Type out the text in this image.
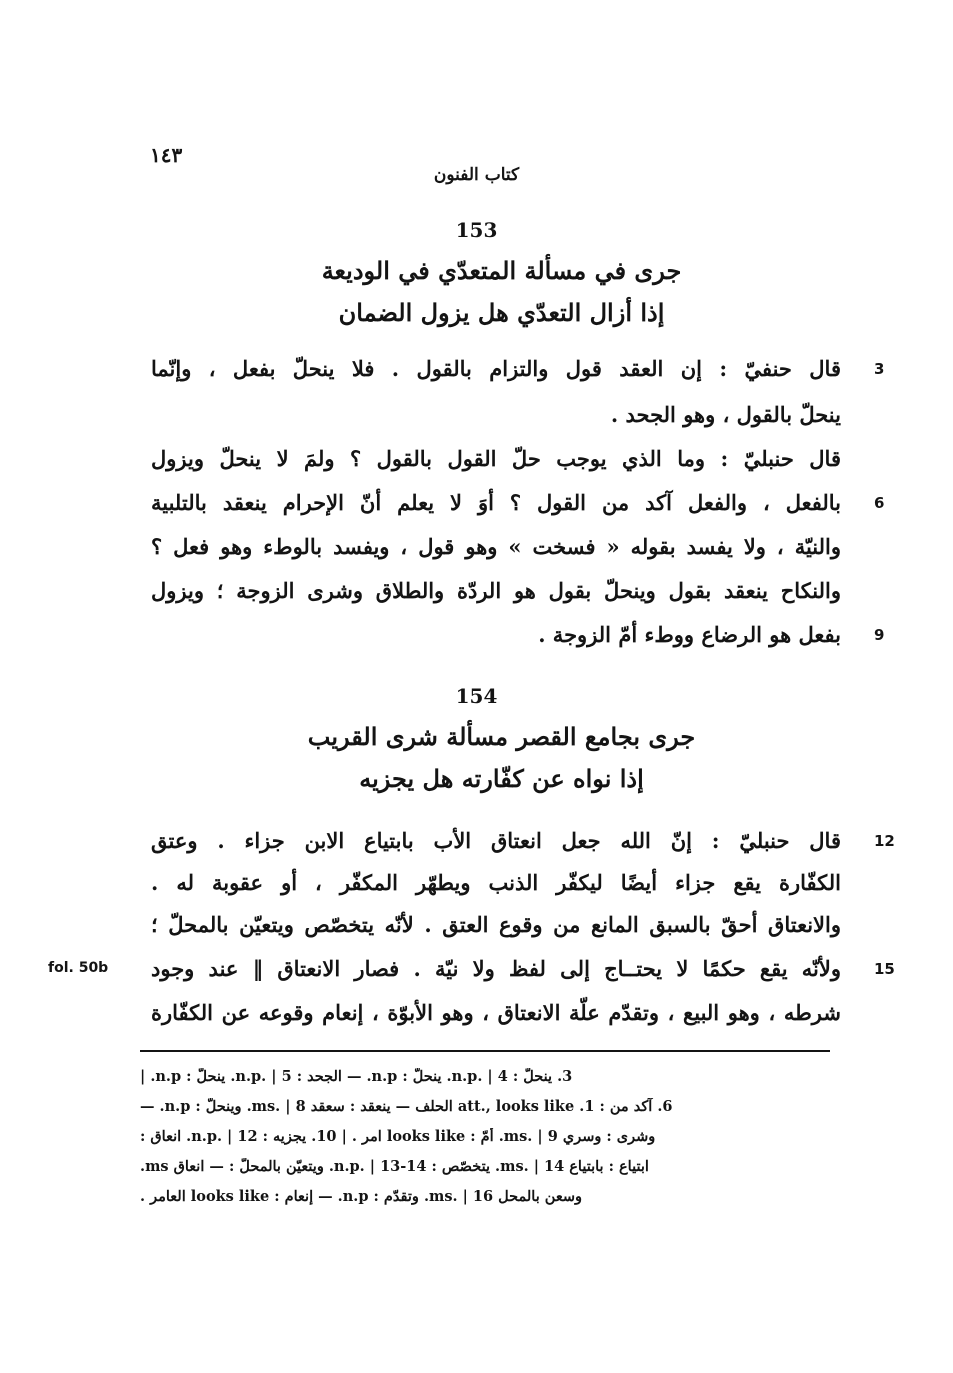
١٤٣
كتاب الفنون
153
جرى في مسألة المتعدّي في الوديعة
إذا أزال التعدّي هل يزول الضمان
قال حنفيّ : إن العقد قول والتزام بالقول . فلا ينحلّ بفعل ، وإنّما 3
ينحلّ بالقول ، وهو الجحد .
قال حنبليّ : وما الذي يوجب حلّ القول بالقول ؟ ولمَ لا ينحلّ ويزول
بالفعل ، والفعل آكد من القول ؟ أوَ لا يعلم أنّ الإحرام ينعقد بالتلبية 6
والنيّة ، ولا يفسد بقوله « فسخت » وهو قول ، ويفسد بالوطء وهو فعل ؟
والنكاح ينعقد بقول وينحلّ بقول هو الردّة والطلاق وشرى الزوجة ؛ ويزول
بفعل هو الرضاع ووطء أمّ الزوجة . 9
154
جرى بجامع القصر مسألة شرى القريب
إذا نواه عن كفّارته هل يجزيه
قال حنبليّ : إنّ الله جعل انعتاق الأب بابتياع الابن جزاء . وعتق 12
الكفّارة يقع جزاء أيضًا ليكفّر الذنب ويطهّر المكفّر ، أو عقوبة له .
والانعتاق أحقّ بالسبق المانع من وقوع العتق . لأنّه يتخصّص ويتعيّن بالمحلّ ؛
ولأنّه يقع حكمًا لا يحتــاج إلى لفظ ولا نيّة . فصار الانعتاق ‖ عند وجود 15
fol. 50b
شرطه ، وهو البيع ، وتقدّم علّة الانعتاق ، وهو الأبوّة ، إنعام وقوعه عن الكفّارة
3. ينحلّ : n.p. | 4. ينحلّ : n.p. — الجحد : n.p. | 5. ينحلّ : n.p. |
6. آكد من : 1. att., looks like الحلف — ينعقد : سعقد ms. | 8. وينحلّ : n.p. —
وشرى : وسري ms. | 9. أمّ : looks like امر . | 10. يجزيه : n.p. | 12. انعاق :
ابتياع : بابتياع ms. | 14. يتخصّص : n.p. | 13-14. ويتعيّن بالمحلّ : — انعاق ms.
وسعن بالمحل ms. | 16. وتقدّم : n.p. — إنعام : looks like العامر .
